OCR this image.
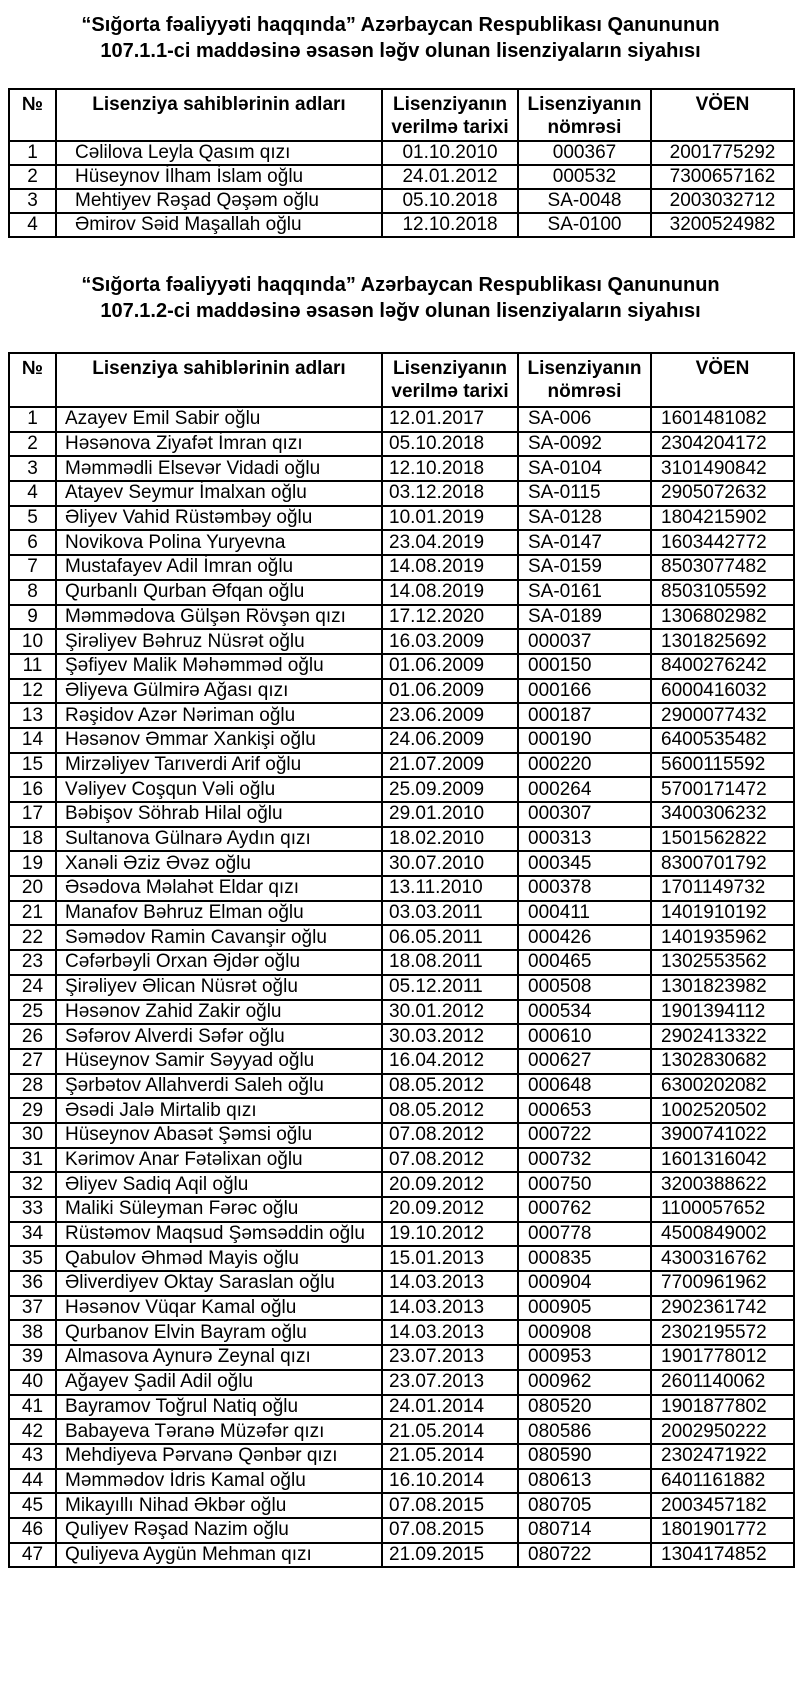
“Sığorta fəaliyyəti haqqında” Azərbaycan Respublikası Qanununun
107.1.1-ci maddəsinə əsasən ləğv olunan lisenziyaların siyahısı
№	Lisenziya sahiblərinin adları	Lisenziyanın verilmə tarixi	Lisenziyanın nömrəsi	VÖEN
1	Cəlilova Leyla Qasım qızı	01.10.2010	000367	2001775292
2	Hüseynov İlham İslam oğlu	24.01.2012	000532	7300657162
3	Mehtiyev Rəşad Qəşəm oğlu	05.10.2018	SA-0048	2003032712
4	Əmirov Səid Maşallah oğlu	12.10.2018	SA-0100	3200524982
“Sığorta fəaliyyəti haqqında” Azərbaycan Respublikası Qanununun
107.1.2-ci maddəsinə əsasən ləğv olunan lisenziyaların siyahısı
№	Lisenziya sahiblərinin adları	Lisenziyanın verilmə tarixi	Lisenziyanın nömrəsi	VÖEN
1	Azayev Emil Sabir oğlu	12.01.2017	SA-006	1601481082
2	Həsənova Ziyafət İmran qızı	05.10.2018	SA-0092	2304204172
3	Məmmədli Elsevər Vidadi oğlu	12.10.2018	SA-0104	3101490842
4	Atayev Seymur İmalxan oğlu	03.12.2018	SA-0115	2905072632
5	Əliyev Vahid Rüstəmbəy oğlu	10.01.2019	SA-0128	1804215902
6	Novikova Polina Yuryevna	23.04.2019	SA-0147	1603442772
7	Mustafayev Adil İmran oğlu	14.08.2019	SA-0159	8503077482
8	Qurbanlı Qurban Əfqan oğlu	14.08.2019	SA-0161	8503105592
9	Məmmədova Gülşən Rövşən qızı	17.12.2020	SA-0189	1306802982
10	Şirəliyev Bəhruz Nüsrət oğlu	16.03.2009	000037	1301825692
11	Şəfiyev Malik Məhəmməd oğlu	01.06.2009	000150	8400276242
12	Əliyeva Gülmirə Ağası qızı	01.06.2009	000166	6000416032
13	Rəşidov Azər Nəriman oğlu	23.06.2009	000187	2900077432
14	Həsənov Əmmar Xankişi oğlu	24.06.2009	000190	6400535482
15	Mirzəliyev Tarıverdi Arif oğlu	21.07.2009	000220	5600115592
16	Vəliyev Coşqun Vəli oğlu	25.09.2009	000264	5700171472
17	Bəbişov Söhrab Hilal oğlu	29.01.2010	000307	3400306232
18	Sultanova Gülnarə Aydın qızı	18.02.2010	000313	1501562822
19	Xanəli Əziz Əvəz oğlu	30.07.2010	000345	8300701792
20	Əsədova Məlahət Eldar qızı	13.11.2010	000378	1701149732
21	Manafov Bəhruz Elman oğlu	03.03.2011	000411	1401910192
22	Səmədov Ramin Cavanşir oğlu	06.05.2011	000426	1401935962
23	Cəfərbəyli Orxan Əjdər oğlu	18.08.2011	000465	1302553562
24	Şirəliyev Əlican Nüsrət oğlu	05.12.2011	000508	1301823982
25	Həsənov Zahid Zakir oğlu	30.01.2012	000534	1901394112
26	Səfərov Alverdi Səfər oğlu	30.03.2012	000610	2902413322
27	Hüseynov Samir Səyyad oğlu	16.04.2012	000627	1302830682
28	Şərbətov Allahverdi Saleh oğlu	08.05.2012	000648	6300202082
29	Əsədi Jalə Mirtalib qızı	08.05.2012	000653	1002520502
30	Hüseynov Abasət Şəmsi oğlu	07.08.2012	000722	3900741022
31	Kərimov Anar Fətəlixan oğlu	07.08.2012	000732	1601316042
32	Əliyev Sadiq Aqil oğlu	20.09.2012	000750	3200388622
33	Maliki Süleyman Fərəc oğlu	20.09.2012	000762	1100057652
34	Rüstəmov Maqsud Şəmsəddin oğlu	19.10.2012	000778	4500849002
35	Qabulov Əhməd Mayis oğlu	15.01.2013	000835	4300316762
36	Əliverdiyev Oktay Saraslan oğlu	14.03.2013	000904	7700961962
37	Həsənov Vüqar Kamal oğlu	14.03.2013	000905	2902361742
38	Qurbanov Elvin Bayram oğlu	14.03.2013	000908	2302195572
39	Almasova Aynurə Zeynal qızı	23.07.2013	000953	1901778012
40	Ağayev Şadil Adil oğlu	23.07.2013	000962	2601140062
41	Bayramov Toğrul Natiq oğlu	24.01.2014	080520	1901877802
42	Babayeva Təranə Müzəfər qızı	21.05.2014	080586	2002950222
43	Mehdiyeva Pərvanə Qənbər qızı	21.05.2014	080590	2302471922
44	Məmmədov İdris Kamal oğlu	16.10.2014	080613	6401161882
45	Mikayıllı Nihad Əkbər oğlu	07.08.2015	080705	2003457182
46	Quliyev Rəşad Nazim oğlu	07.08.2015	080714	1801901772
47	Quliyeva Aygün Mehman qızı	21.09.2015	080722	1304174852
